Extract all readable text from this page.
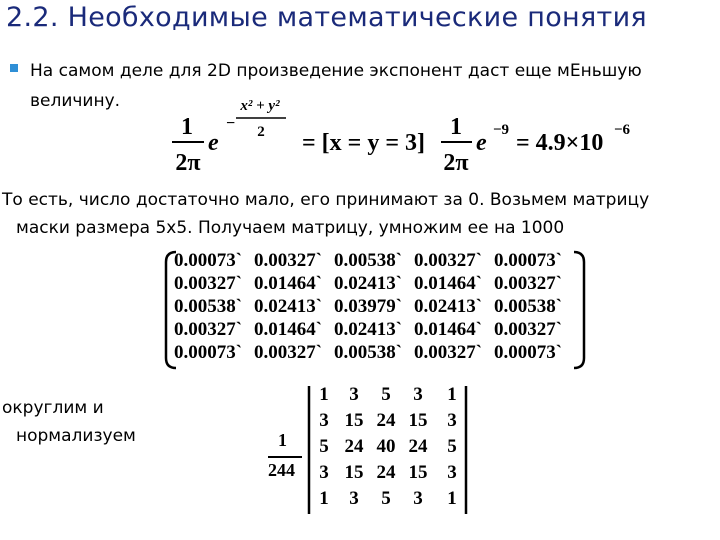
2.2. Необходимые математические понятия
На самом деле для 2D произведение экспонент даст еще мЕньшую
величину.
1
2π
e
−
x² + y²
2 = [x = y = 3]
1
2π
e −9 = 4.9×10 −6
То есть, число достаточно мало, его принимают за 0. Возьмем матрицу
маски размера 5х5. Получаем матрицу, умножим ее на 1000
0.00073` 0.00327` 0.00538` 0.00327` 0.00073`
0.00327` 0.01464` 0.02413` 0.01464` 0.00327`
0.00538` 0.02413` 0.03979` 0.02413` 0.00538`
0.00327` 0.01464` 0.02413` 0.01464` 0.00327`
0.00073` 0.00327` 0.00538` 0.00327` 0.00073`
округлим и
нормализуем	1
244
1 3 5 3 1
3 15 24 15 3
5 24 40 24 5
3 15 24 15 3
1 3 5 3 1
